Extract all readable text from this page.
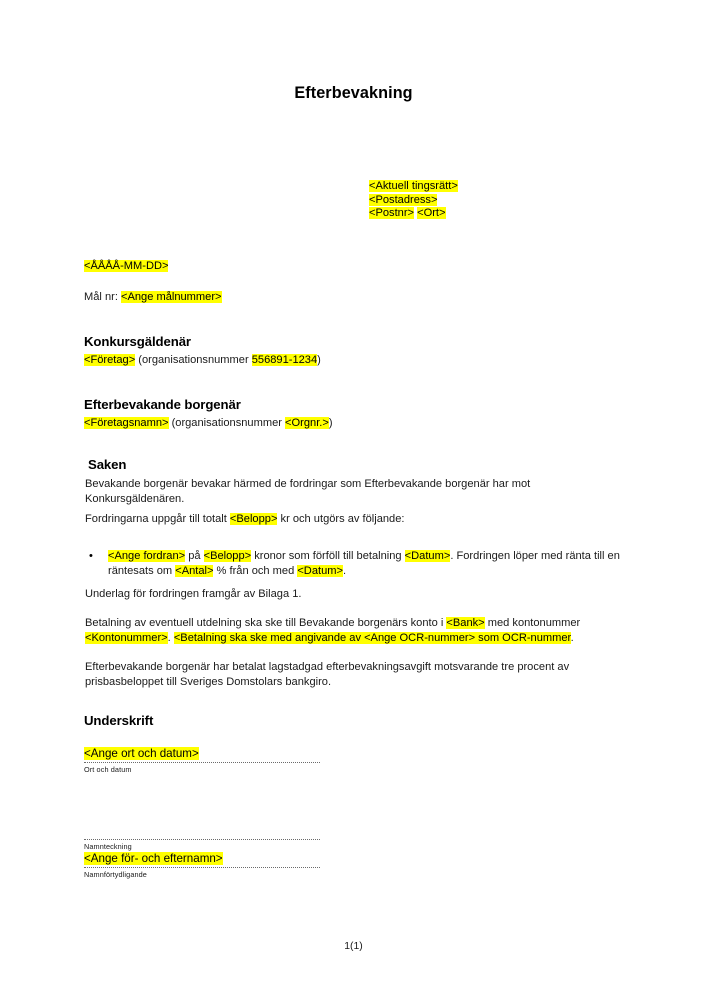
Efterbevakning
<Aktuell tingsrätt>
<Postadress>
<Postnr> <Ort>
<ÅÅÅÅ-MM-DD>
Mål nr: <Ange målnummer>
Konkursgäldenär
<Företag> (organisationsnummer 556891-1234)
Efterbevakande borgenär
<Företagsnamn> (organisationsnummer <Orgnr.>)
Saken
Bevakande borgenär bevakar härmed de fordringar som Efterbevakande borgenär har mot Konkursgäldenären.
Fordringarna uppgår till totalt <Belopp> kr och utgörs av följande:
•	<Ange fordran> på <Belopp> kronor som förföll till betalning <Datum>. Fordringen löper med ränta till en räntesats om <Antal> % från och med <Datum>.
Underlag för fordringen framgår av Bilaga 1.
Betalning av eventuell utdelning ska ske till Bevakande borgenärs konto i <Bank> med kontonummer <Kontonummer>. <Betalning ska ske med angivande av <Ange OCR-nummer> som OCR-nummer.
Efterbevakande borgenär har betalat lagstadgad efterbevakningsavgift motsvarande tre procent av prisbasbeloppet till Sveriges Domstolars bankgiro.
Underskrift
<Ange ort och datum>
Ort och datum
Namnteckning
<Ange för- och efternamn>
Namnförtydligande
1(1)
